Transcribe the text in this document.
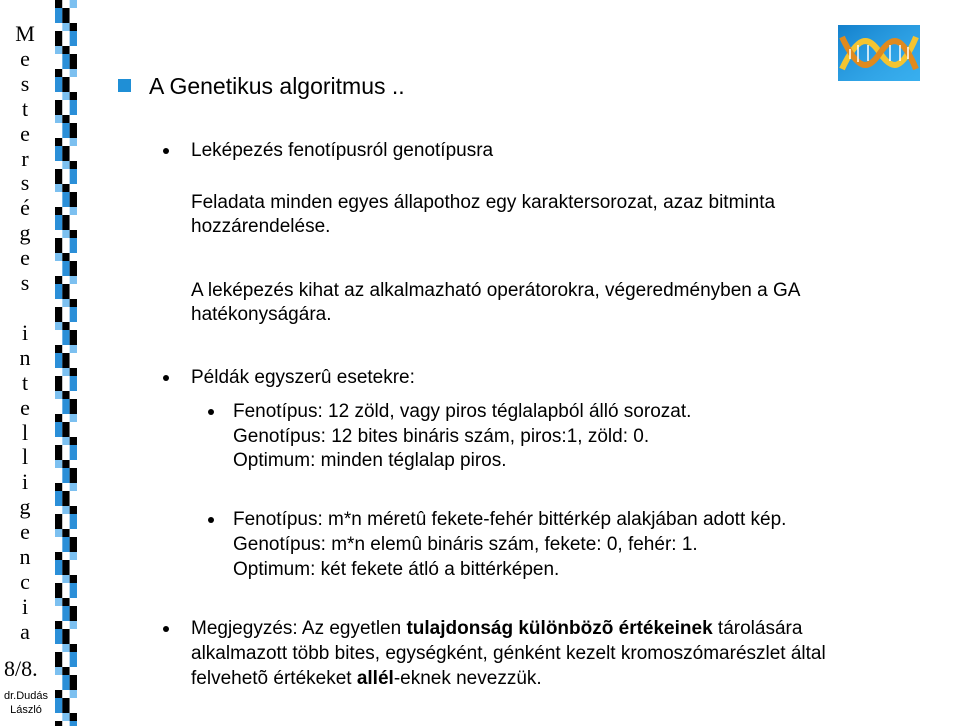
M
e
s
t
e
r
s
é
g
e
s

i
n
t
e
l
l
i
g
e
n
c
i
a
8/8.
dr.Dudás
László
A Genetikus algoritmus ..
Leképezés fenotípusról genotípusra
Feladata minden egyes állapothoz egy karaktersorozat, azaz bitminta
hozzárendelése.
A leképezés kihat az alkalmazható operátorokra, végeredményben a GA
hatékonyságára.
Példák egyszerû esetekre:
Fenotípus: 12 zöld, vagy piros téglalapból álló sorozat.
Genotípus: 12 bites bináris szám, piros:1, zöld: 0.
Optimum: minden téglalap piros.
Fenotípus: m*n méretû fekete-fehér bittérkép alakjában adott kép.
Genotípus: m*n elemû bináris szám, fekete: 0, fehér: 1.
Optimum: két fekete átló a bittérképen.
Megjegyzés: Az egyetlen tulajdonság különbözõ értékeinek tárolására
alkalmazott több bites, egységként, génként kezelt kromoszómarészlet által
felvehetõ értékeket allél-eknek nevezzük.
